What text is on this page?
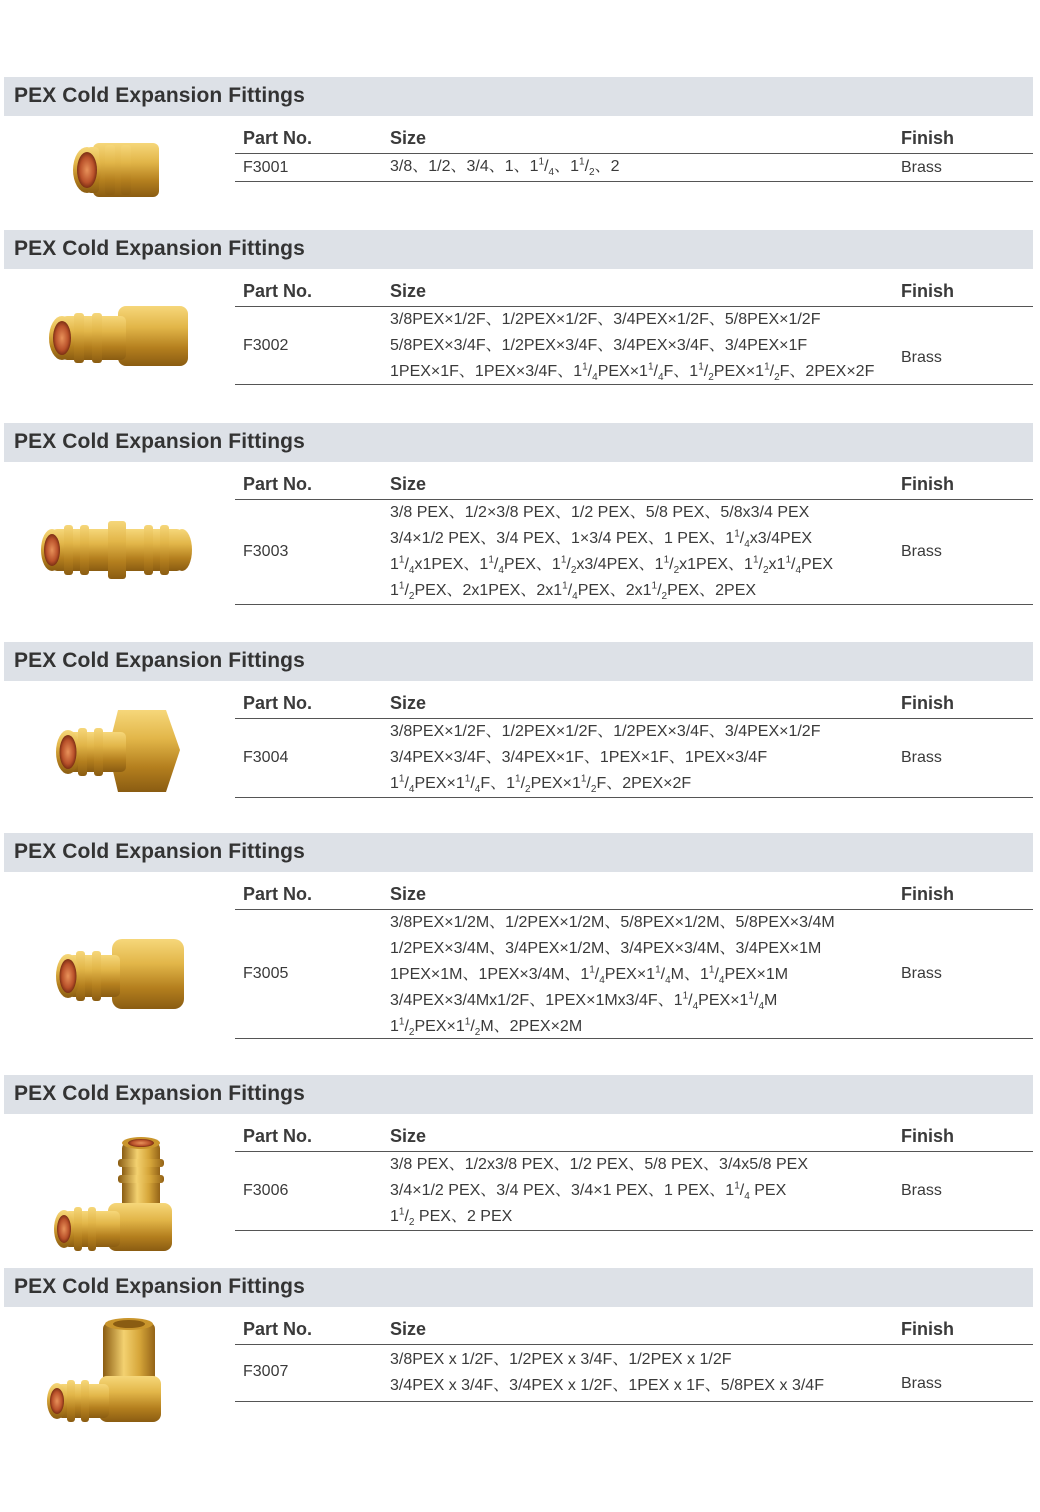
PEX Cold Expansion Fittings
Part No.	Size	Finish
F3001	3/8、1/2、3/4、1、$1^1/_4$、$1^1/_2$、2	Brass
PEX Cold Expansion Fittings
Part No.	Size	Finish
F3002
3/8PEX×1/2F、1/2PEX×1/2F、3/4PEX×1/2F、5/8PEX×1/2F
5/8PEX×3/4F、1/2PEX×3/4F、3/4PEX×3/4F、3/4PEX×1F
1PEX×1F、1PEX×3/4F、$1^1/_4PEX\times 1^1/_4F$、$1^1/_2PEX\times 1^1/_2F$、2PEX×2F
Brass
PEX Cold Expansion Fittings
Part No.	Size	Finish
F3003
3/8 PEX、1/2×3/8 PEX、1/2 PEX、5/8 PEX、5/8x3/4 PEX
3/4×1/2 PEX、3/4 PEX、1×3/4 PEX、1 PEX、$1^1/_4x3/4PEX$
$1^1/_4x1PEX$、$1^1/_4PEX$、$1^1/_2x3/4PEX$、$1^1/_2x1PEX$、$1^1/_2x1^1/_4PEX$
$1^1/_2PEX$、2x1PEX、$2x1^1/_4PEX$、$2x1^1/_2PEX$、2PEX
Brass
PEX Cold Expansion Fittings
Part No.	Size	Finish
F3004
3/8PEX×1/2F、1/2PEX×1/2F、1/2PEX×3/4F、3/4PEX×1/2F
3/4PEX×3/4F、3/4PEX×1F、1PEX×1F、1PEX×3/4F
$1^1/_4PEX\times 1^1/_4F$、$1^1/_2PEX\times 1^1/_2F$、2PEX×2F
Brass
PEX Cold Expansion Fittings
Part No.	Size	Finish
F3005
3/8PEX×1/2M、1/2PEX×1/2M、5/8PEX×1/2M、5/8PEX×3/4M
1/2PEX×3/4M、3/4PEX×1/2M、3/4PEX×3/4M、3/4PEX×1M
1PEX×1M、1PEX×3/4M、$1^1/_4PEX\times 1^1/_4M$、$1^1/_4PEX\times 1M$
3/4PEX×3/4Mx1/2F、1PEX×1Mx3/4F、$1^1/_4PEX\times 1^1/_4M$
$1^1/_2PEX\times 1^1/_2M$、2PEX×2M
Brass
PEX Cold Expansion Fittings
Part No.	Size	Finish
F3006
3/8 PEX、1/2x3/8 PEX、1/2 PEX、5/8 PEX、3/4x5/8 PEX
3/4×1/2 PEX、3/4 PEX、3/4×1 PEX、1 PEX、$1^1/_4$ PEX
$1^1/_2$ PEX、2 PEX
Brass
PEX Cold Expansion Fittings
Part No.	Size	Finish
F3007
3/8PEX x 1/2F、1/2PEX x 3/4F、1/2PEX x 1/2F
3/4PEX x 3/4F、3/4PEX x 1/2F、1PEX x 1F、5/8PEX x 3/4F	Brass
